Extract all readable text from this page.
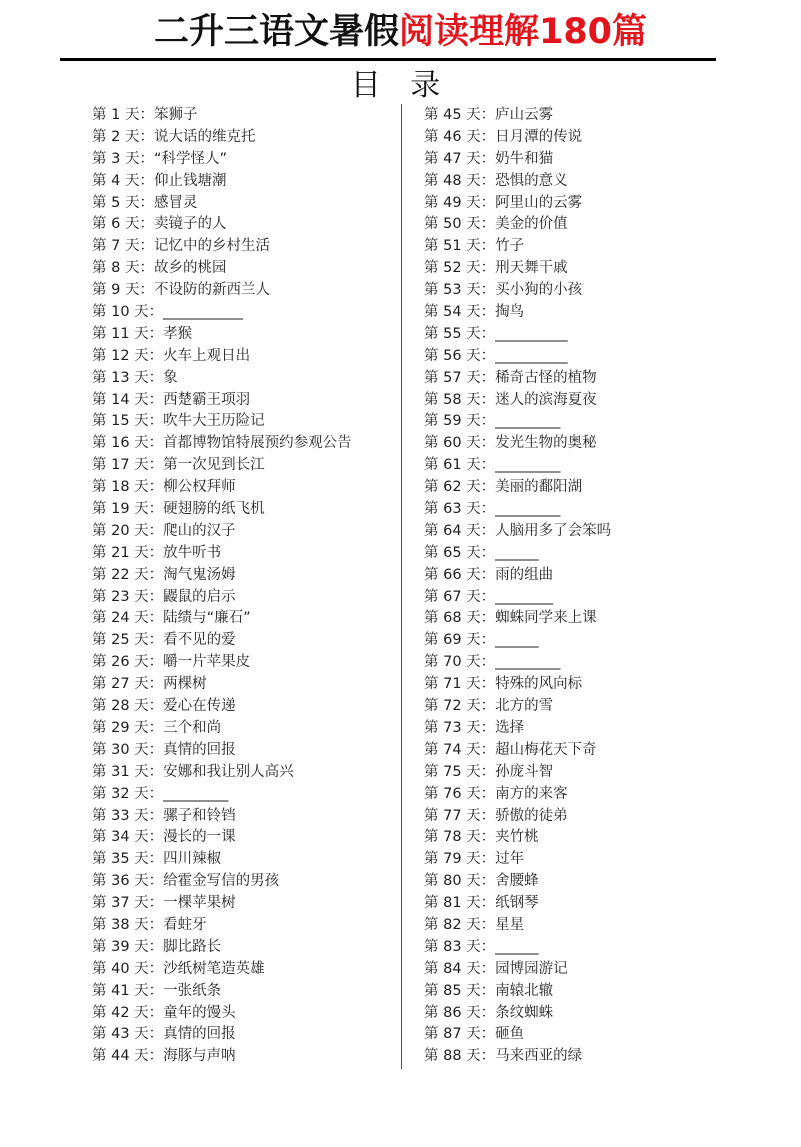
二升三语文暑假阅读理解180篇
目 录
第 1 天：笨狮子
第 2 天：说大话的维克托
第 3 天：“科学怪人”
第 4 天：仰止钱塘潮
第 5 天：感冒灵
第 6 天：卖镜子的人
第 7 天：记忆中的乡村生活
第 8 天：故乡的桃园
第 9 天：不设防的新西兰人
第 10 天：___________
第 11 天：孝猴
第 12 天：火车上观日出
第 13 天：象
第 14 天：西楚霸王项羽
第 15 天：吹牛大王历险记
第 16 天：首都博物馆特展预约参观公告
第 17 天：第一次见到长江
第 18 天：柳公权拜师
第 19 天：硬翅膀的纸飞机
第 20 天：爬山的汉子
第 21 天：放牛听书
第 22 天：淘气鬼汤姆
第 23 天：鼹鼠的启示
第 24 天：陆绩与“廉石”
第 25 天：看不见的爱
第 26 天：嚼一片苹果皮
第 27 天：两棵树
第 28 天：爱心在传递
第 29 天：三个和尚
第 30 天：真情的回报
第 31 天：安娜和我让别人高兴
第 32 天：_________
第 33 天：骡子和铃铛
第 34 天：漫长的一课
第 35 天：四川辣椒
第 36 天：给霍金写信的男孩
第 37 天：一棵苹果树
第 38 天：看蛀牙
第 39 天：脚比路长
第 40 天：沙纸树笔造英雄
第 41 天：一张纸条
第 42 天：童年的馒头
第 43 天：真情的回报
第 44 天：海豚与声呐
第 45 天：庐山云雾
第 46 天：日月潭的传说
第 47 天：奶牛和猫
第 48 天：恐惧的意义
第 49 天：阿里山的云雾
第 50 天：美金的价值
第 51 天：竹子
第 52 天：刑天舞干戚
第 53 天：买小狗的小孩
第 54 天：掏鸟
第 55 天：__________
第 56 天：__________
第 57 天：稀奇古怪的植物
第 58 天：迷人的滨海夏夜
第 59 天：_________
第 60 天：发光生物的奥秘
第 61 天：_________
第 62 天：美丽的鄱阳湖
第 63 天：_________
第 64 天：人脑用多了会笨吗
第 65 天：______
第 66 天：雨的组曲
第 67 天：________
第 68 天：蜘蛛同学来上课
第 69 天：______
第 70 天：_________
第 71 天：特殊的风向标
第 72 天：北方的雪
第 73 天：选择
第 74 天：超山梅花天下奇
第 75 天：孙庞斗智
第 76 天：南方的来客
第 77 天：骄傲的徒弟
第 78 天：夹竹桃
第 79 天：过年
第 80 天：舍腰蜂
第 81 天：纸钢琴
第 82 天：星星
第 83 天：______
第 84 天：园博园游记
第 85 天：南辕北辙
第 86 天：条纹蜘蛛
第 87 天：砸鱼
第 88 天：马来西亚的绿
